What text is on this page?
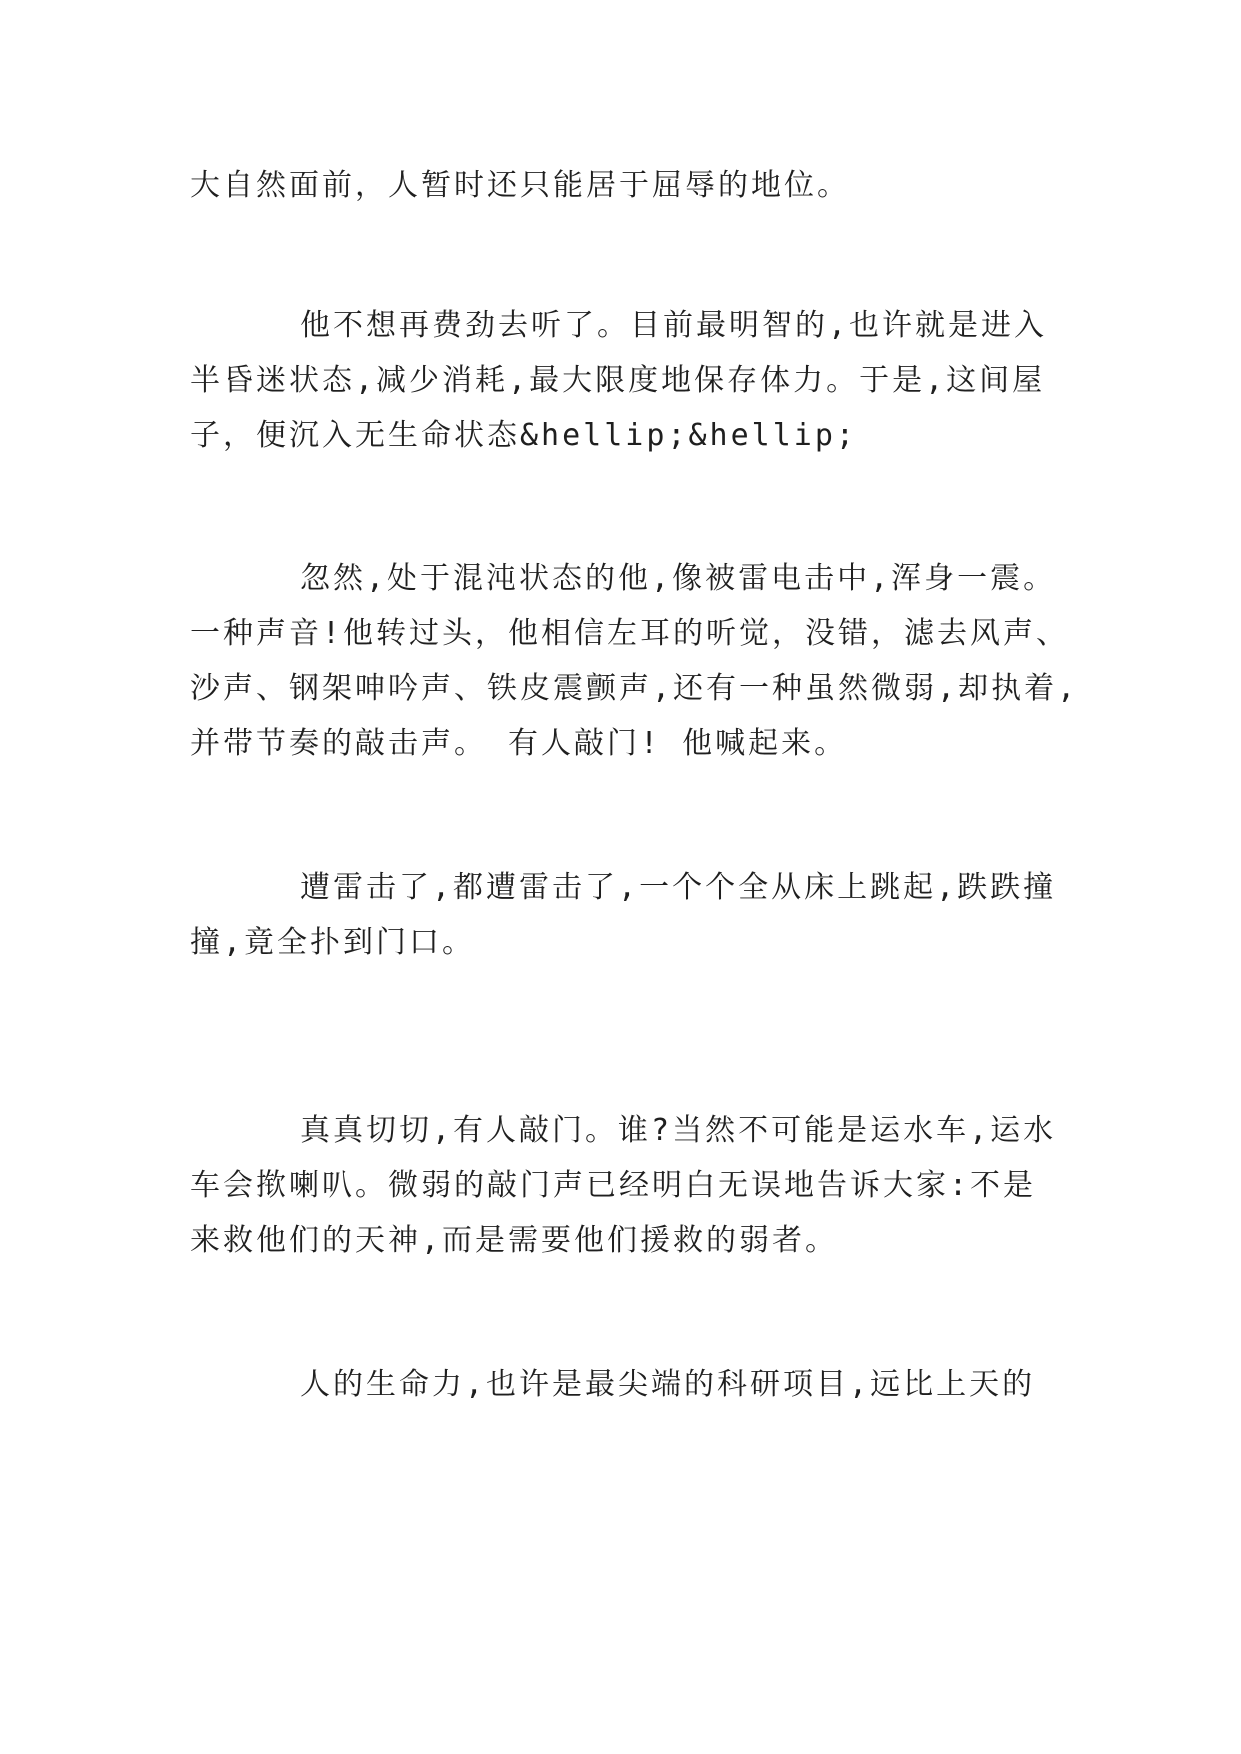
大自然面前，人暂时还只能居于屈辱的地位。
他不想再费劲去听了。目前最明智的,也许就是进入
半昏迷状态,减少消耗,最大限度地保存体力。于是,这间屋
子，便沉入无生命状态&hellip;&hellip;
忽然,处于混沌状态的他,像被雷电击中,浑身一震。
一种声音!他转过头，他相信左耳的听觉，没错，滤去风声、
沙声、钢架呻吟声、铁皮震颤声,还有一种虽然微弱,却执着,
并带节奏的敲击声。 有人敲门! 他喊起来。
遭雷击了,都遭雷击了,一个个全从床上跳起,跌跌撞
撞,竟全扑到门口。
真真切切,有人敲门。谁?当然不可能是运水车,运水
车会揿喇叭。微弱的敲门声已经明白无误地告诉大家:不是
来救他们的天神,而是需要他们援救的弱者。
人的生命力,也许是最尖端的科研项目,远比上天的
